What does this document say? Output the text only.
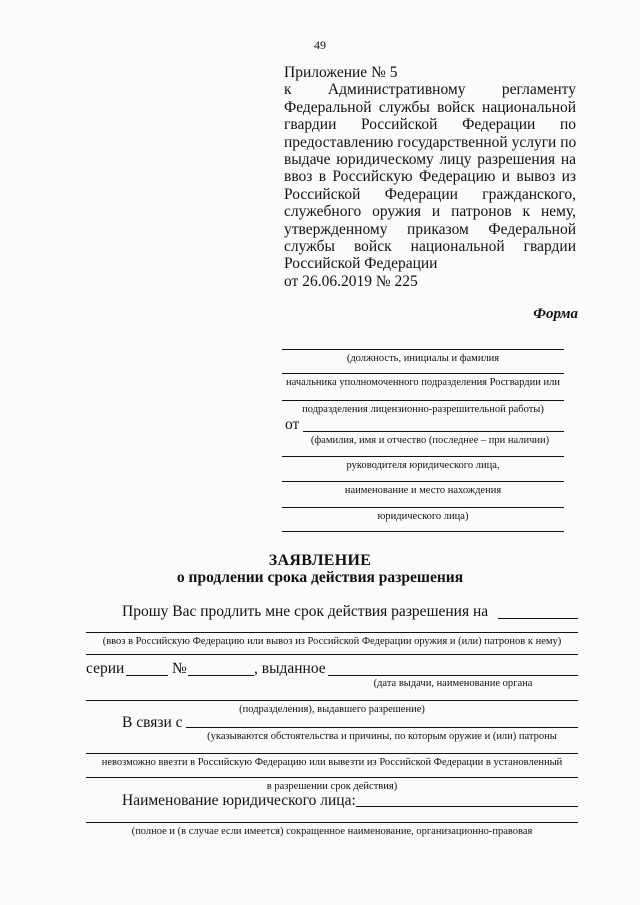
49
Приложение № 5
к Административному регламенту
Федеральной службы войск национальной
гвардии Российской Федерации по
предоставлению государственной услуги по
выдаче юридическому лицу разрешения на
ввоз в Российскую Федерацию и вывоз из
Российской Федерации гражданского,
служебного оружия и патронов к нему,
утвержденному приказом Федеральной
службы войск национальной гвардии
Российской Федерации
от 26.06.2019 № 225
Форма
(должность, инициалы и фамилия
начальника уполномоченного подразделения Росгвардии или
подразделения лицензионно-разрешительной работы)
от
(фамилия, имя и отчество (последнее – при наличии)
руководителя юридического лица,
наименование и место нахождения
юридического лица)
ЗАЯВЛЕНИЕ
о продлении срока действия разрешения
Прошу Вас продлить мне срок действия разрешения на
(ввоз в Российскую Федерацию или вывоз из Российской Федерации оружия и (или) патронов к нему)
серии	№	, выданное
(дата выдачи, наименование органа
(подразделения), выдавшего разрешение)
В связи с
(указываются обстоятельства и причины, по которым оружие и (или) патроны
невозможно ввезти в Российскую Федерацию или вывезти из Российской Федерации в установленный
в разрешении срок действия)
Наименование юридического лица:
(полное и (в случае если имеется) сокращенное наименование, организационно-правовая
